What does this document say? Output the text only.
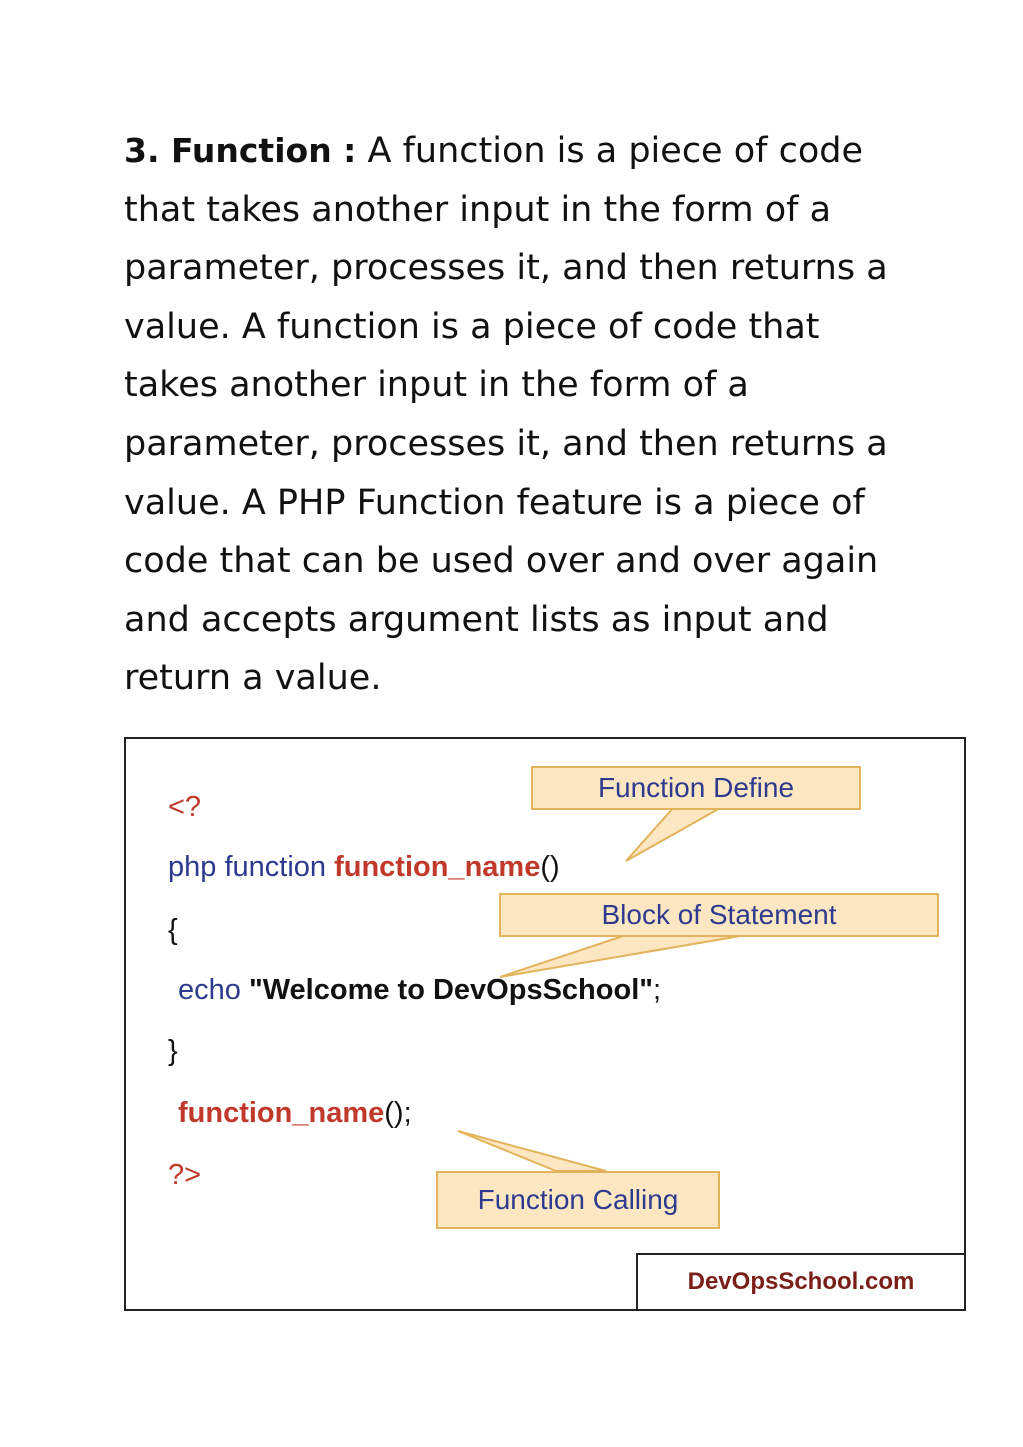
3. Function : A function is a piece of code that takes another input in the form of a parameter, processes it, and then returns a value. A function is a piece of code that takes another input in the form of a parameter, processes it, and then returns a value. A PHP Function feature is a piece of code that can be used over and over again and accepts argument lists as input and return a value.

<?
php function function_name()
{
echo "Welcome to DevOpsSchool";
}
function_name();
?>
Function Define
Block of Statement
Function Calling
DevOpsSchool.com
